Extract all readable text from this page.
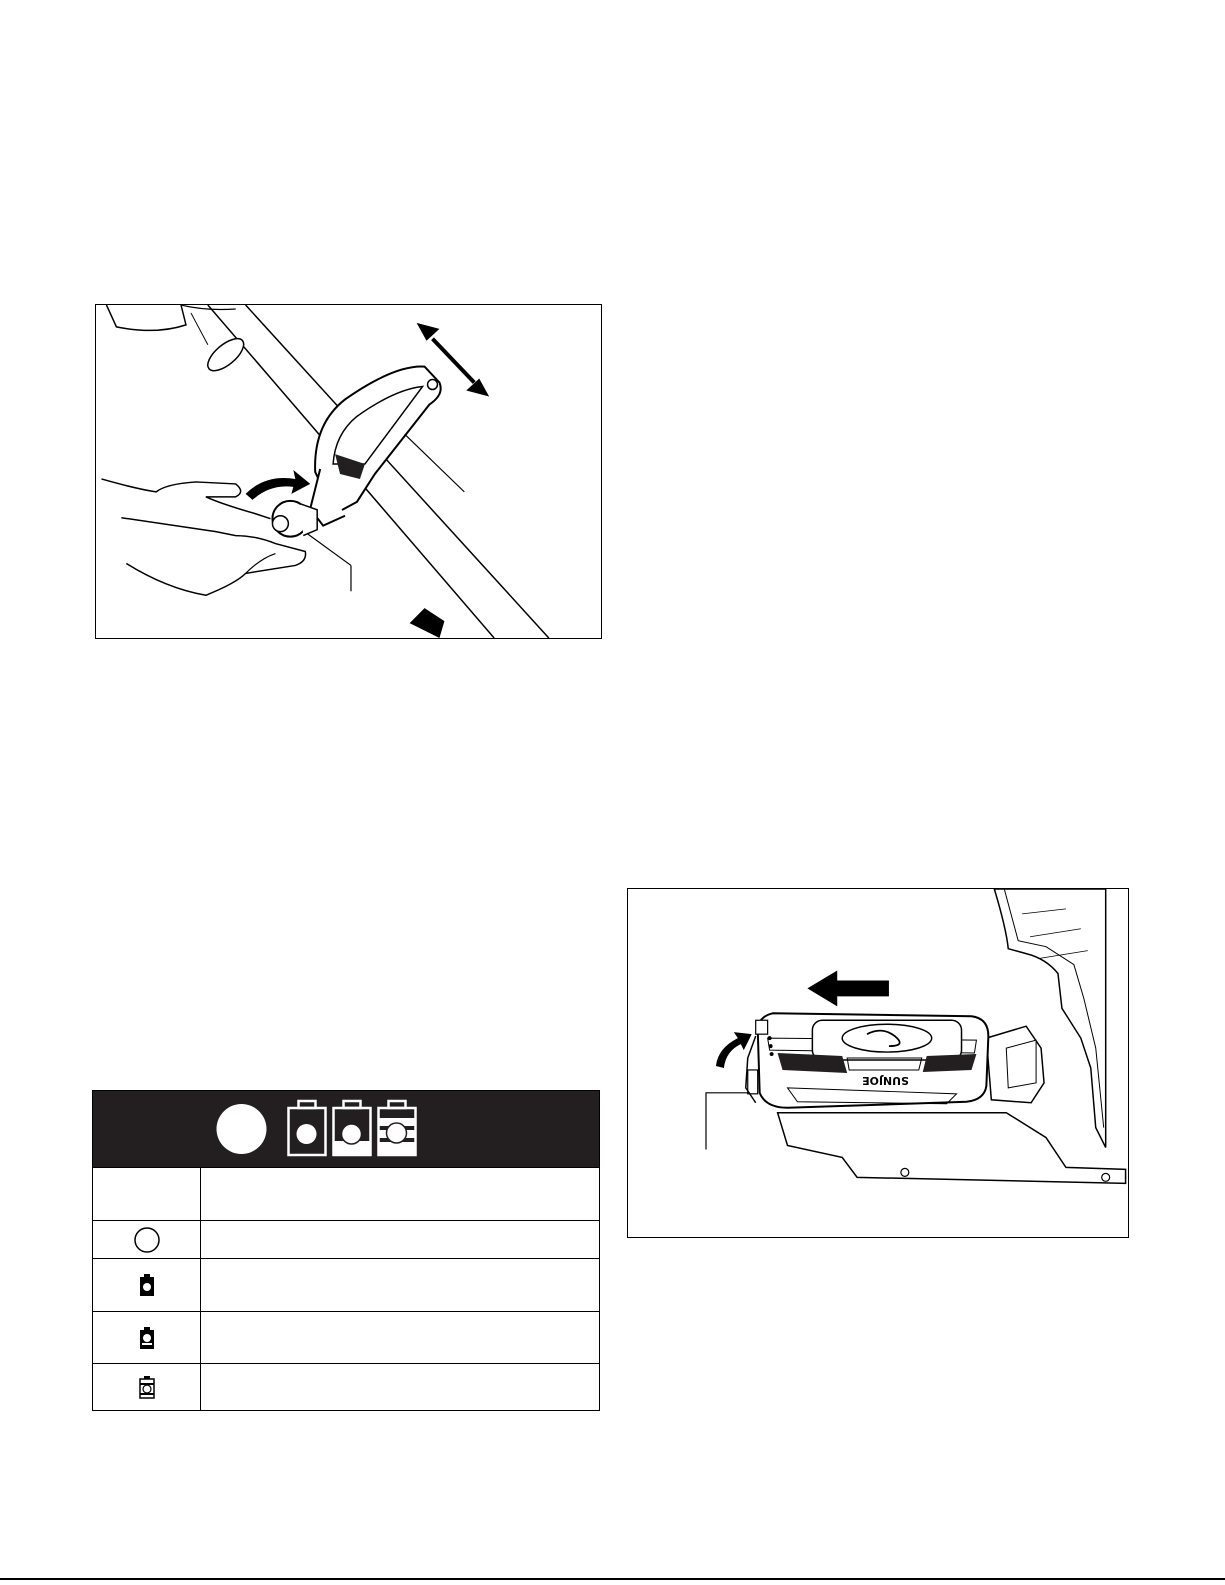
SUNJOE
